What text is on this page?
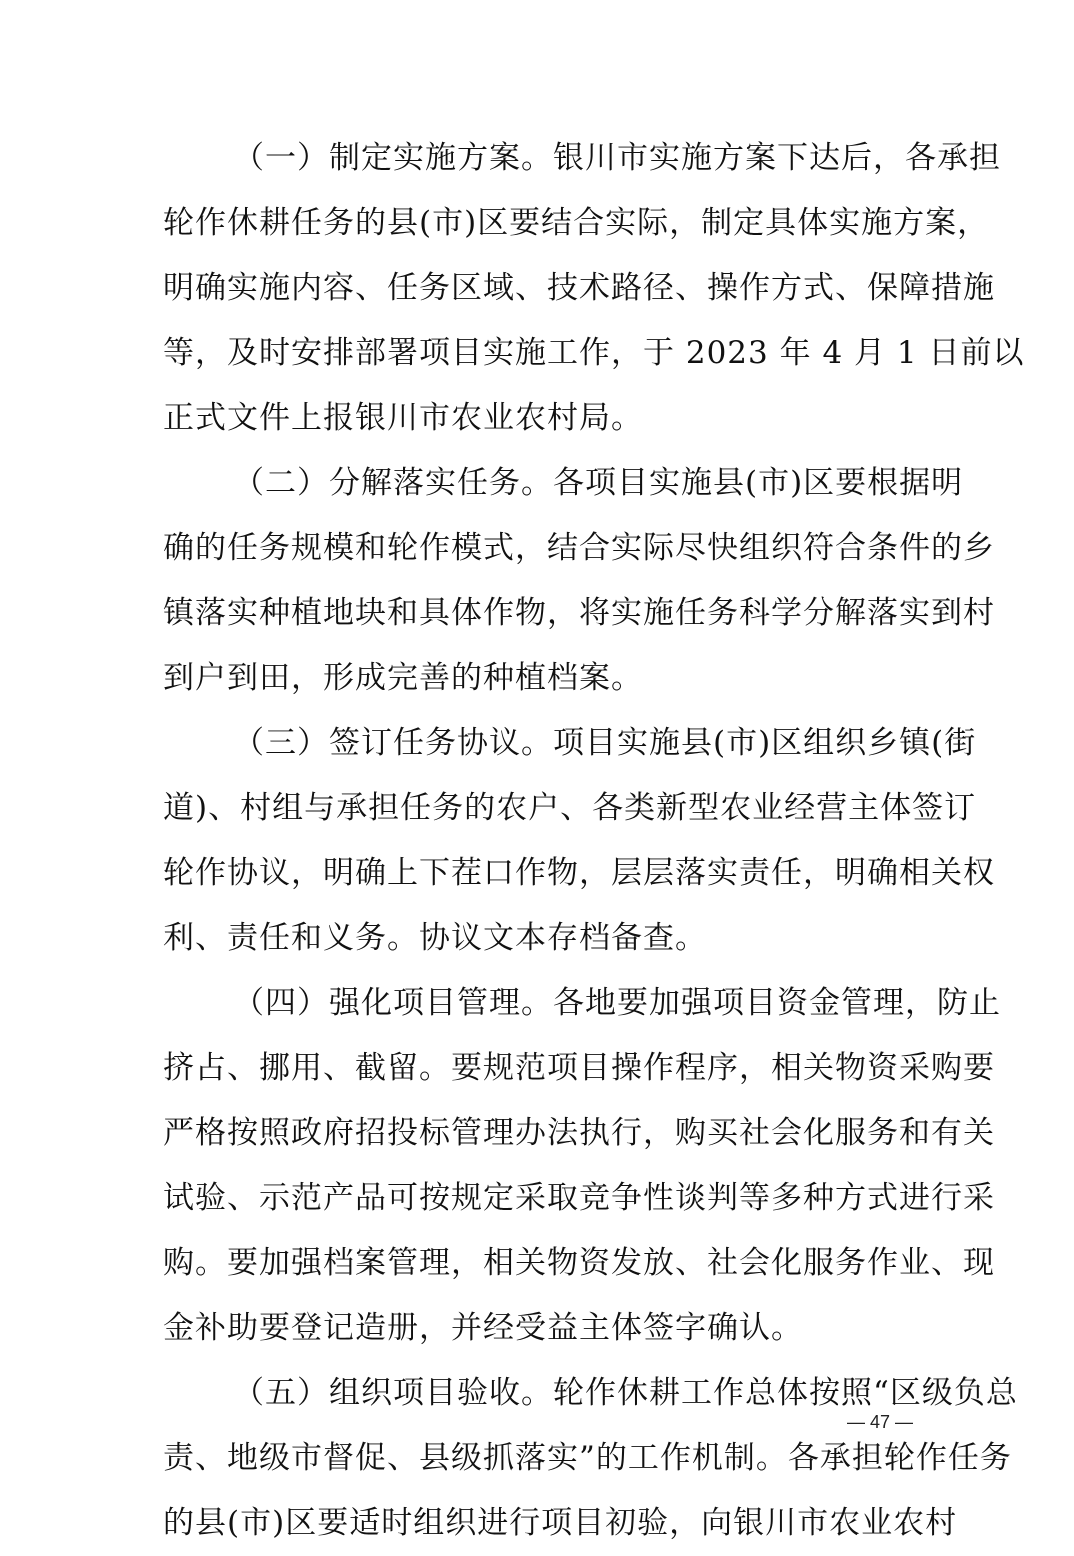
（一）制定实施方案。银川市实施方案下达后，各承担
轮作休耕任务的县(市)区要结合实际，制定具体实施方案，
明确实施内容、任务区域、技术路径、操作方式、保障措施
等，及时安排部署项目实施工作，于 2023 年 4 月 1 日前以
正式文件上报银川市农业农村局。
（二）分解落实任务。各项目实施县(市)区要根据明
确的任务规模和轮作模式，结合实际尽快组织符合条件的乡
镇落实种植地块和具体作物，将实施任务科学分解落实到村
到户到田，形成完善的种植档案。
（三）签订任务协议。项目实施县(市)区组织乡镇(街
道)、村组与承担任务的农户、各类新型农业经营主体签订
轮作协议，明确上下茬口作物，层层落实责任，明确相关权
利、责任和义务。协议文本存档备查。
（四）强化项目管理。各地要加强项目资金管理，防止
挤占、挪用、截留。要规范项目操作程序，相关物资采购要
严格按照政府招投标管理办法执行，购买社会化服务和有关
试验、示范产品可按规定采取竞争性谈判等多种方式进行采
购。要加强档案管理，相关物资发放、社会化服务作业、现
金补助要登记造册，并经受益主体签字确认。
（五）组织项目验收。轮作休耕工作总体按照“区级负总
责、地级市督促、县级抓落实”的工作机制。各承担轮作任务
的县(市)区要适时组织进行项目初验，向银川市农业农村
— 47 —
